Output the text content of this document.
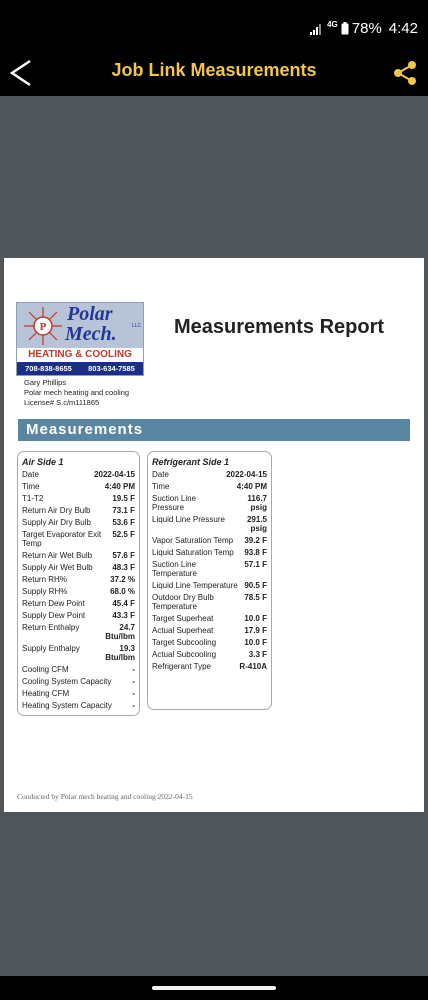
4G 78% 4:42
Job Link Measurements
P
Polar
Mech.	LLC
HEATING & COOLING
708-838-8655 803-634-7585
Measurements Report
Gary Phillips
Polar mech heating and cooling
License# S.c/m111865
Measurements
Air Side 1
Date	2022-04-15
Time	4:40 PM
T1-T2	19.5 F
Return Air Dry Bulb	73.1 F
Supply Air Dry Bulb	53.6 F
Target Evaporator Exit Temp
52.5 F
Return Air Wet Bulb	57.6 F
Supply Air Wet Bulb	48.3 F
Return RH%	37.2 %
Supply RH%	68.0 %
Return Dew Point	45.4 F
Supply Dew Point	43.3 F
Return Enthalpy	24.7 Btu/lbm
Supply Enthalpy	19.3 Btu/lbm
Cooling CFM	-
Cooling System Capacity	-
Heating CFM	-
Heating System Capacity	-
Refrigerant Side 1
Date	2022-04-15
Time	4:40 PM
Suction Line Pressure
116.7 psig
Liquid Line Pressure	291.5 psig
Vapor Saturation Temp	39.2 F
Liquid Saturation Temp	93.8 F
Suction Line Temperature
57.1 F
Liquid Line Temperature 90.5 F
Outdoor Dry Bulb Temperature
78.5 F
Target Superheat	10.0 F
Actual Superheat	17.9 F
Target Subcooling	10.0 F
Actual Subcooling	3.3 F
Refrigerant Type	R-410A
Conducted by Polar mech heating and cooling 2022-04-15
